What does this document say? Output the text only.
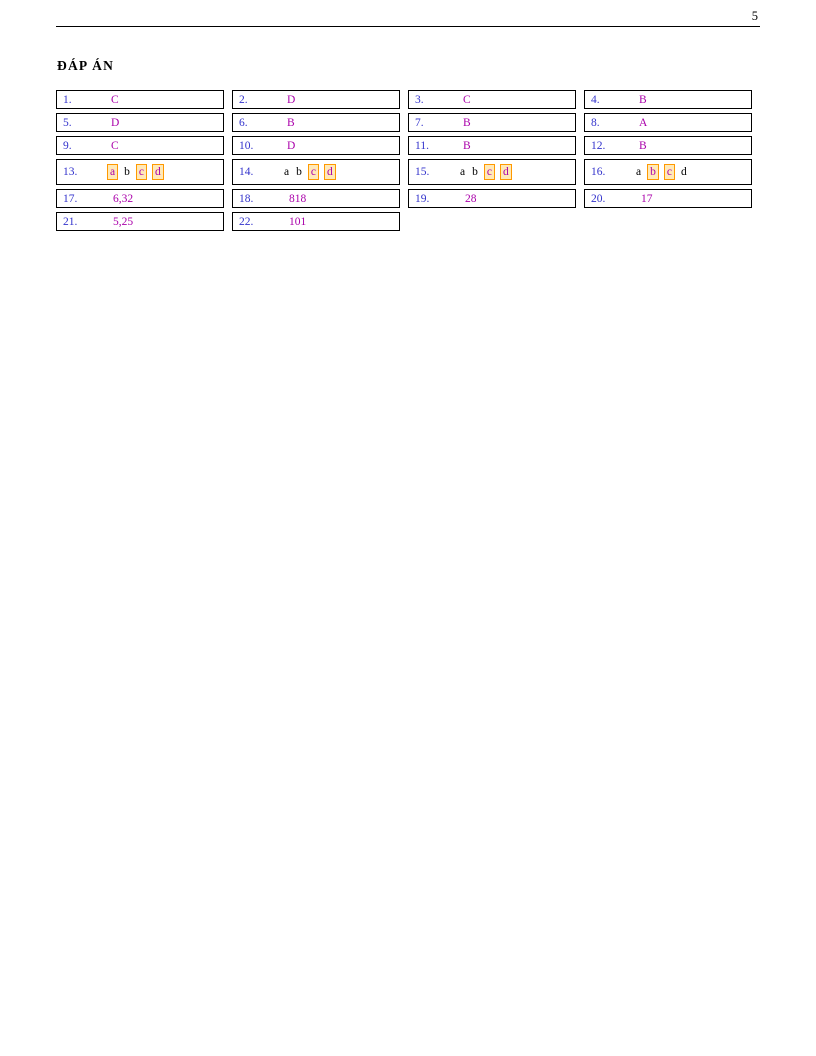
5
ĐÁP ÁN
1.	C	2.	D	3.	C	4.	B
5.	D	6.	B	7.	B	8.	A
9.	C	10.	D	11.	B	12.	B
13.	a b c d	14.	a b c d	15.	a b c d	16.	a b c d
17.	6,32	18.	818	19.	28	20.	17
21.	5,25	22.	101
